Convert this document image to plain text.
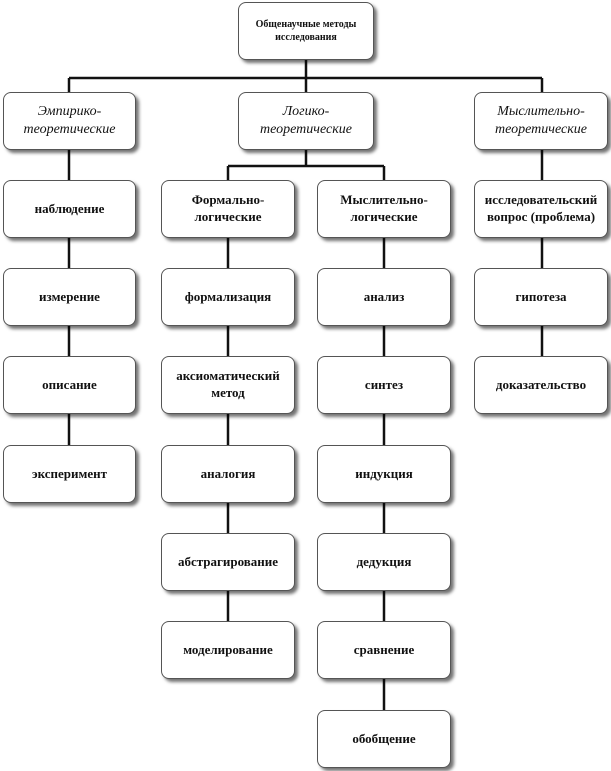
Общенаучные методы исследования
Эмпирико-теоретические
Логико-теоретические
Мыслительно-теоретические
наблюдение
измерение
описание
эксперимент
Формально-логические
Мыслительно-логические
формализация
аксиоматический метод
аналогия
абстрагирование
моделирование
анализ
синтез
индукция
дедукция
сравнение
обобщение
исследовательский вопрос (проблема)
гипотеза
доказательство
